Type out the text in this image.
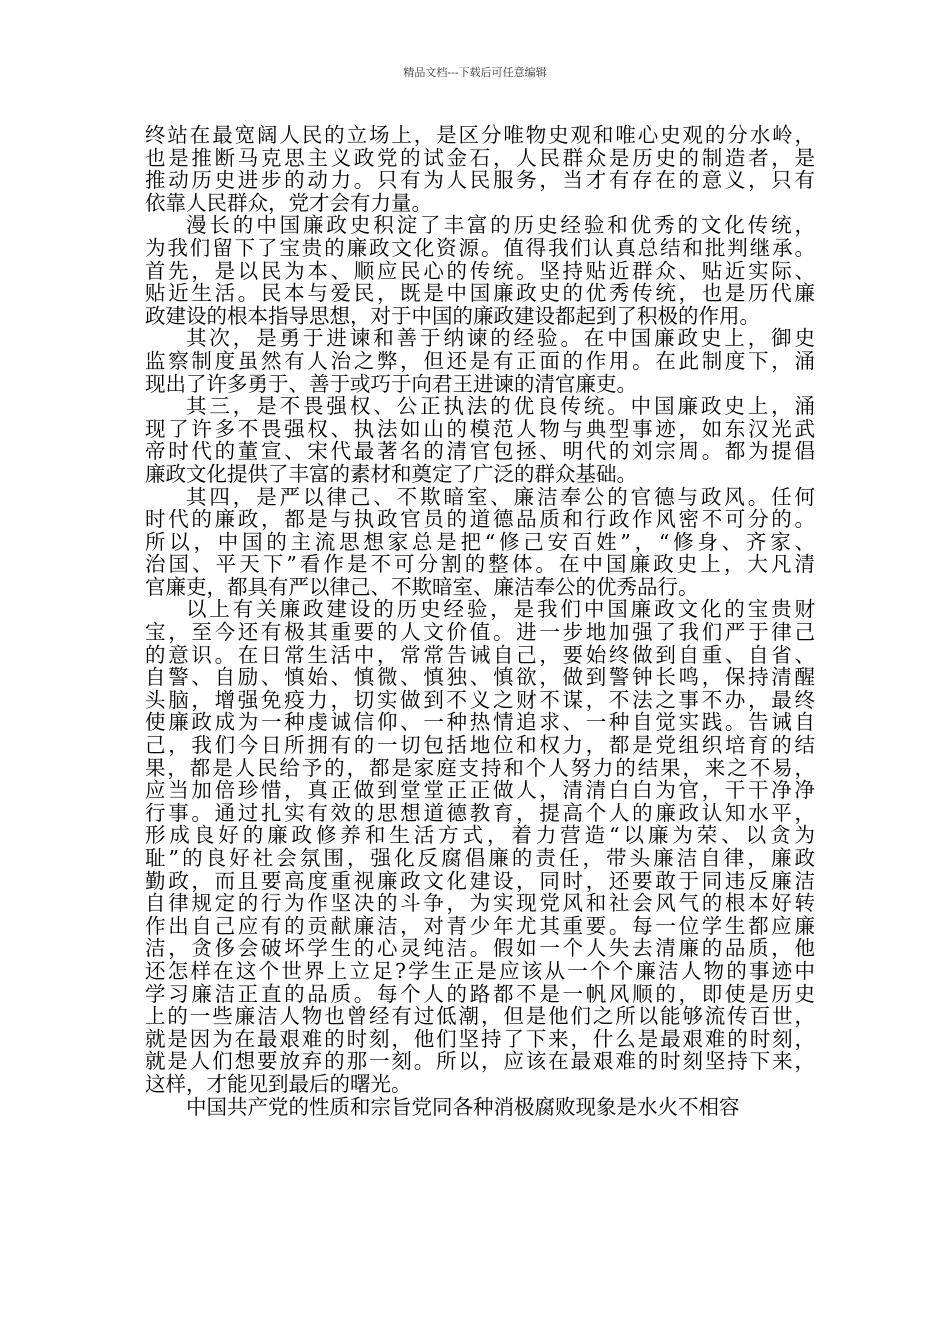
精品文档---下载后可任意编辑
终站在最宽阔人民的立场上，是区分唯物史观和唯心史观的分水岭，
也是推断马克思主义政党的试金石，人民群众是历史的制造者，是
推动历史进步的动力。只有为人民服务，当才有存在的意义，只有
依靠人民群众，党才会有力量。
漫长的中国廉政史积淀了丰富的历史经验和优秀的文化传统，
为我们留下了宝贵的廉政文化资源。值得我们认真总结和批判继承。
首先，是以民为本、顺应民心的传统。坚持贴近群众、贴近实际、
贴近生活。民本与爱民，既是中国廉政史的优秀传统，也是历代廉
政建设的根本指导思想，对于中国的廉政建设都起到了积极的作用。
其次，是勇于进谏和善于纳谏的经验。在中国廉政史上，御史
监察制度虽然有人治之弊，但还是有正面的作用。在此制度下，涌
现出了许多勇于、善于或巧于向君王进谏的清官廉吏。
其三，是不畏强权、公正执法的优良传统。中国廉政史上，涌
现了许多不畏强权、执法如山的模范人物与典型事迹，如东汉光武
帝时代的董宣、宋代最著名的清官包拯、明代的刘宗周。都为提倡
廉政文化提供了丰富的素材和奠定了广泛的群众基础。
其四，是严以律己、不欺暗室、廉洁奉公的官德与政风。任何
时代的廉政，都是与执政官员的道德品质和行政作风密不可分的。
所以，中国的主流思想家总是把“修己安百姓”，“修身、齐家、
治国、平天下”看作是不可分割的整体。在中国廉政史上，大凡清
官廉吏，都具有严以律己、不欺暗室、廉洁奉公的优秀品行。
以上有关廉政建设的历史经验，是我们中国廉政文化的宝贵财
宝，至今还有极其重要的人文价值。进一步地加强了我们严于律己
的意识。在日常生活中，常常告诫自己，要始终做到自重、自省、
自警、自励、慎始、慎微、慎独、慎欲，做到警钟长鸣，保持清醒
头脑，增强免疫力，切实做到不义之财不谋，不法之事不办，最终
使廉政成为一种虔诚信仰、一种热情追求、一种自觉实践。告诫自
己，我们今日所拥有的一切包括地位和权力，都是党组织培育的结
果，都是人民给予的，都是家庭支持和个人努力的结果，来之不易，
应当加倍珍惜，真正做到堂堂正正做人，清清白白为官，干干净净
行事。通过扎实有效的思想道德教育，提高个人的廉政认知水平，
形成良好的廉政修养和生活方式，着力营造“以廉为荣、以贪为
耻”的良好社会氛围，强化反腐倡廉的责任，带头廉洁自律，廉政
勤政，而且要高度重视廉政文化建设，同时，还要敢于同违反廉洁
自律规定的行为作坚决的斗争，为实现党风和社会风气的根本好转
作出自己应有的贡献廉洁，对青少年尤其重要。每一位学生都应廉
洁，贪侈会破坏学生的心灵纯洁。假如一个人失去清廉的品质，他
还怎样在这个世界上立足?学生正是应该从一个个廉洁人物的事迹中
学习廉洁正直的品质。每个人的路都不是一帆风顺的，即使是历史
上的一些廉洁人物也曾经有过低潮，但是他们之所以能够流传百世，
就是因为在最艰难的时刻，他们坚持了下来，什么是最艰难的时刻，
就是人们想要放弃的那一刻。所以，应该在最艰难的时刻坚持下来，
这样，才能见到最后的曙光。
中国共产党的性质和宗旨党同各种消极腐败现象是水火不相容
